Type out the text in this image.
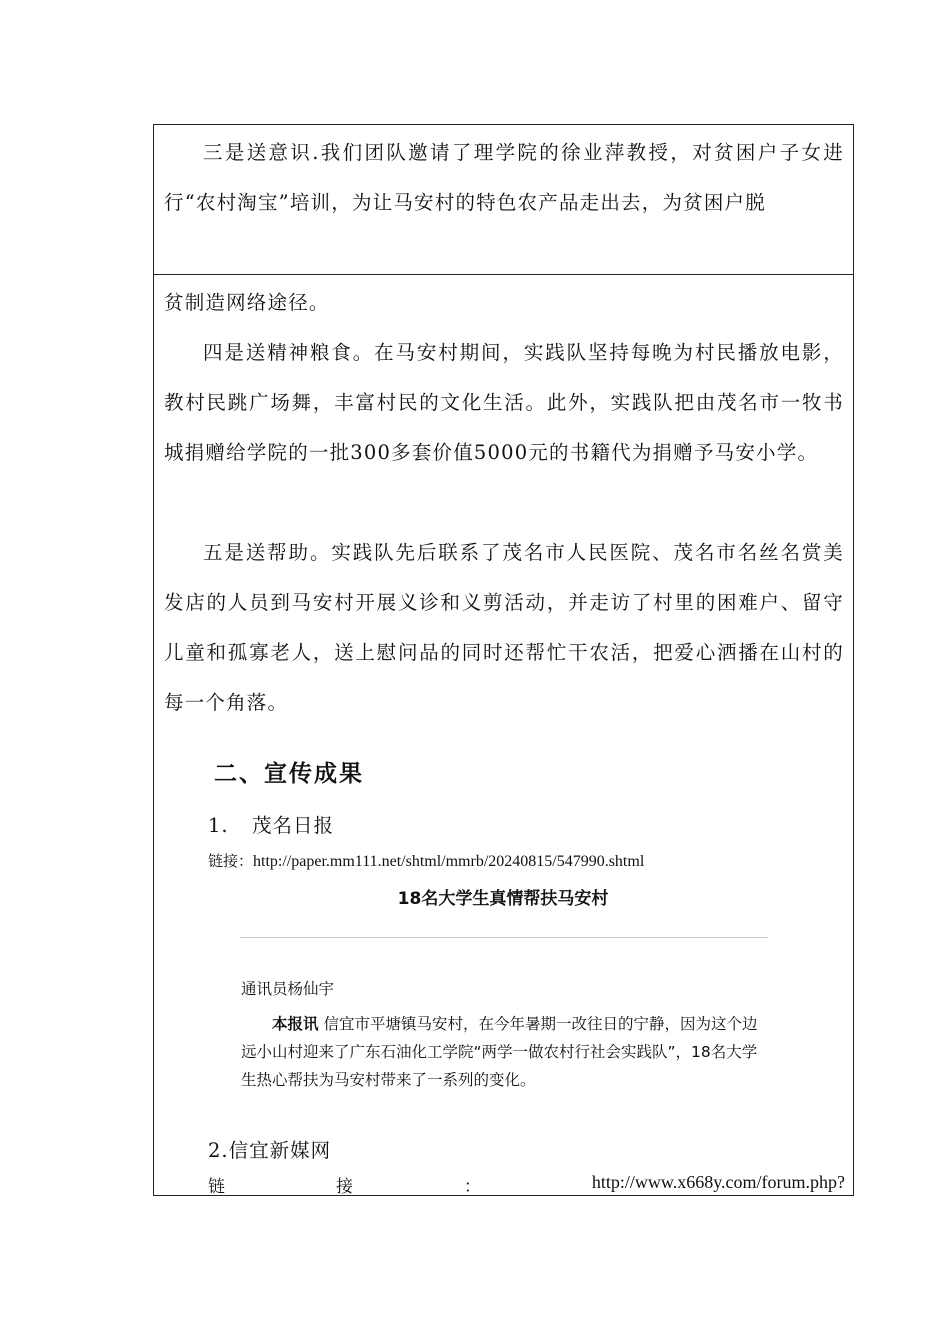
三是送意识.我们团队邀请了理学院的徐业萍教授，对贫困户子女进行“农村淘宝”培训，为让马安村的特色农产品走出去，为贫困户脱

贫制造网络途径。

四是送精神粮食。在马安村期间，实践队坚持每晚为村民播放电影，教村民跳广场舞，丰富村民的文化生活。此外，实践队把由茂名市一牧书城捐赠给学院的一批300多套价值5000元的书籍代为捐赠予马安小学。

五是送帮助。实践队先后联系了茂名市人民医院、茂名市名丝名赏美发店的人员到马安村开展义诊和义剪活动，并走访了村里的困难户、留守儿童和孤寡老人，送上慰问品的同时还帮忙干农活，把爱心洒播在山村的每一个角落。

二、宣传成果

1. 茂名日报

链接：http://paper.mm111.net/shtml/mmrb/20240815/547990.shtml

18名大学生真情帮扶马安村

通讯员杨仙宇

本报讯 信宜市平塘镇马安村，在今年暑期一改往日的宁静，因为这个边远小山村迎来了广东石油化工学院“两学一做农村行社会实践队”，18名大学生热心帮扶为马安村带来了一系列的变化。

2.信宜新媒网

链	接	：	http://www.x668y.com/forum.php?
